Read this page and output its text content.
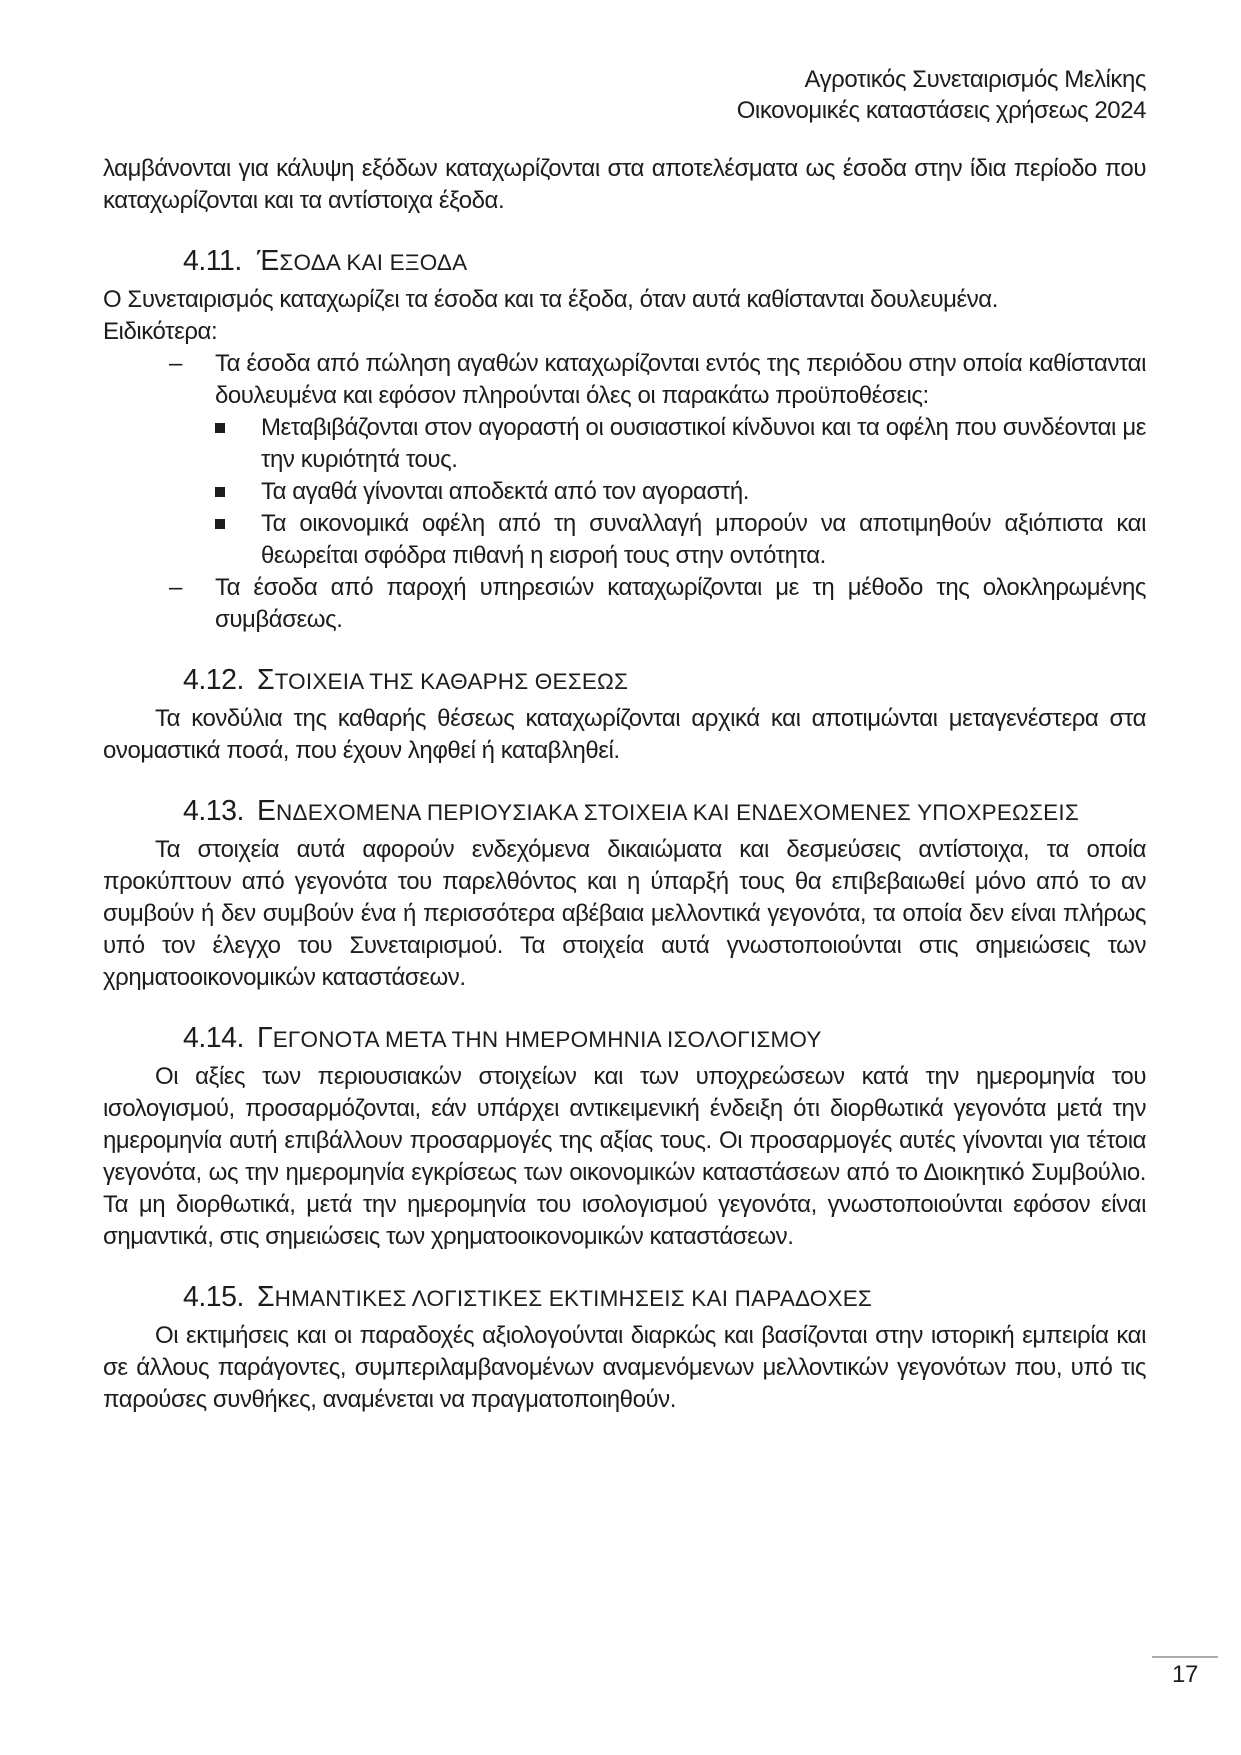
Αγροτικός Συνεταιρισμός Μελίκης
Οικονομικές καταστάσεις χρήσεως 2024

λαμβάνονται για κάλυψη εξόδων καταχωρίζονται στα αποτελέσματα ως έσοδα στην ίδια περίοδο που καταχωρίζονται και τα αντίστοιχα έξοδα.

4.11. ΈΣΟΔΑ ΚΑΙ ΕΞΟΔΑ

Ο Συνεταιρισμός καταχωρίζει τα έσοδα και τα έξοδα, όταν αυτά καθίστανται δουλευμένα.

Ειδικότερα:

– Τα έσοδα από πώληση αγαθών καταχωρίζονται εντός της περιόδου στην οποία καθίστανται δουλευμένα και εφόσον πληρούνται όλες οι παρακάτω προϋποθέσεις:

Μεταβιβάζονται στον αγοραστή οι ουσιαστικοί κίνδυνοι και τα οφέλη που συνδέονται με την κυριότητά τους.

Τα αγαθά γίνονται αποδεκτά από τον αγοραστή.

Τα οικονομικά οφέλη από τη συναλλαγή μπορούν να αποτιμηθούν αξιόπιστα και θεωρείται σφόδρα πιθανή η εισροή τους στην οντότητα.

– Τα έσοδα από παροχή υπηρεσιών καταχωρίζονται με τη μέθοδο της ολοκληρωμένης συμβάσεως.

4.12. ΣΤΟΙΧΕΙΑ ΤΗΣ ΚΑΘΑΡΗΣ ΘΕΣΕΩΣ

Τα κονδύλια της καθαρής θέσεως καταχωρίζονται αρχικά και αποτιμώνται μεταγενέστερα στα ονομαστικά ποσά, που έχουν ληφθεί ή καταβληθεί.

4.13. ΕΝΔΕΧΟΜΕΝΑ ΠΕΡΙΟΥΣΙΑΚΑ ΣΤΟΙΧΕΙΑ ΚΑΙ ΕΝΔΕΧΟΜΕΝΕΣ ΥΠΟΧΡΕΩΣΕΙΣ

Τα στοιχεία αυτά αφορούν ενδεχόμενα δικαιώματα και δεσμεύσεις αντίστοιχα, τα οποία προκύπτουν από γεγονότα του παρελθόντος και η ύπαρξή τους θα επιβεβαιωθεί μόνο από το αν συμβούν ή δεν συμβούν ένα ή περισσότερα αβέβαια μελλοντικά γεγονότα, τα οποία δεν είναι πλήρως υπό τον έλεγχο του Συνεταιρισμού. Τα στοιχεία αυτά γνωστοποιούνται στις σημειώσεις των χρηματοοικονομικών καταστάσεων.

4.14. ΓΕΓΟΝΟΤΑ ΜΕΤΑ ΤΗΝ ΗΜΕΡΟΜΗΝΙΑ ΙΣΟΛΟΓΙΣΜΟΥ

Οι αξίες των περιουσιακών στοιχείων και των υποχρεώσεων κατά την ημερομηνία του ισολογισμού, προσαρμόζονται, εάν υπάρχει αντικειμενική ένδειξη ότι διορθωτικά γεγονότα μετά την ημερομηνία αυτή επιβάλλουν προσαρμογές της αξίας τους. Οι προσαρμογές αυτές γίνονται για τέτοια γεγονότα, ως την ημερομηνία εγκρίσεως των οικονομικών καταστάσεων από το Διοικητικό Συμβούλιο. Τα μη διορθωτικά, μετά την ημερομηνία του ισολογισμού γεγονότα, γνωστοποιούνται εφόσον είναι σημαντικά, στις σημειώσεις των χρηματοοικονομικών καταστάσεων.

4.15. ΣΗΜΑΝΤΙΚΕΣ ΛΟΓΙΣΤΙΚΕΣ ΕΚΤΙΜΗΣΕΙΣ ΚΑΙ ΠΑΡΑΔΟΧΕΣ

Οι εκτιμήσεις και οι παραδοχές αξιολογούνται διαρκώς και βασίζονται στην ιστορική εμπειρία και σε άλλους παράγοντες, συμπεριλαμβανομένων αναμενόμενων μελλοντικών γεγονότων που, υπό τις παρούσες συνθήκες, αναμένεται να πραγματοποιηθούν.

17
